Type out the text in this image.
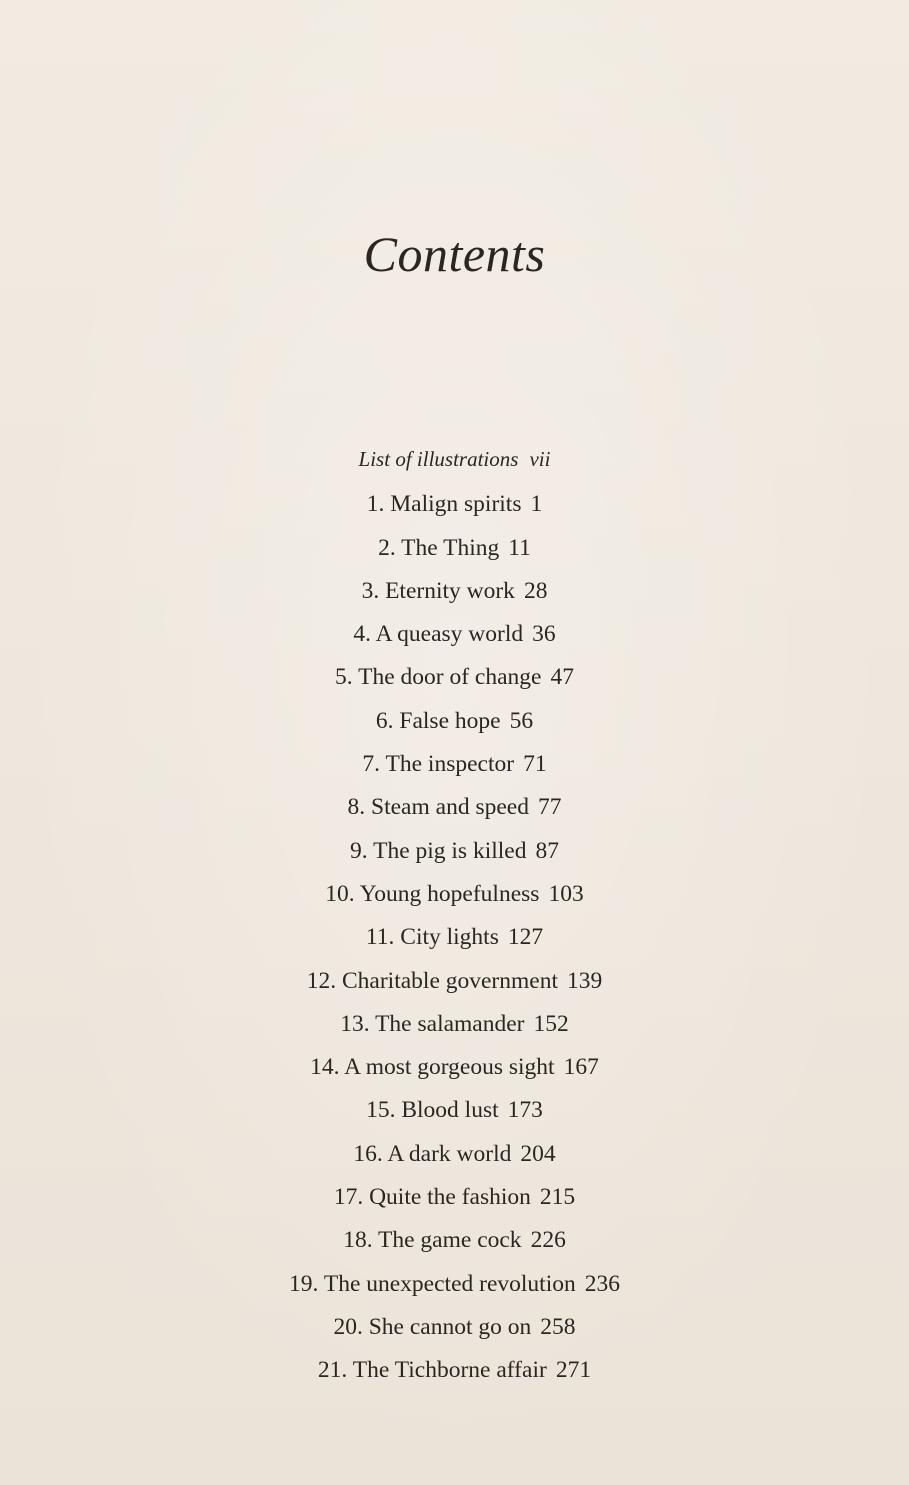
Contents
List of illustrations vii
1 . Malign spirits 1
2 . The Thing 11
3 . Eternity work 28
4 . A queasy world 36
5 . The door of change 47
6 . False hope 56
7 . The inspector 71
8 . Steam and speed 77
9 . The pig is killed 87
10 . Young hopefulness 103
11 . City lights 127
12 . Charitable government 139
13 . The salamander 152
14 . A most gorgeous sight 167
15 . Blood lust 173
16 . A dark world 204
17 . Quite the fashion 215
18 . The game cock 226
19 . The unexpected revolution 236
20 . She cannot go on 258
21 . The Tichborne affair 271
